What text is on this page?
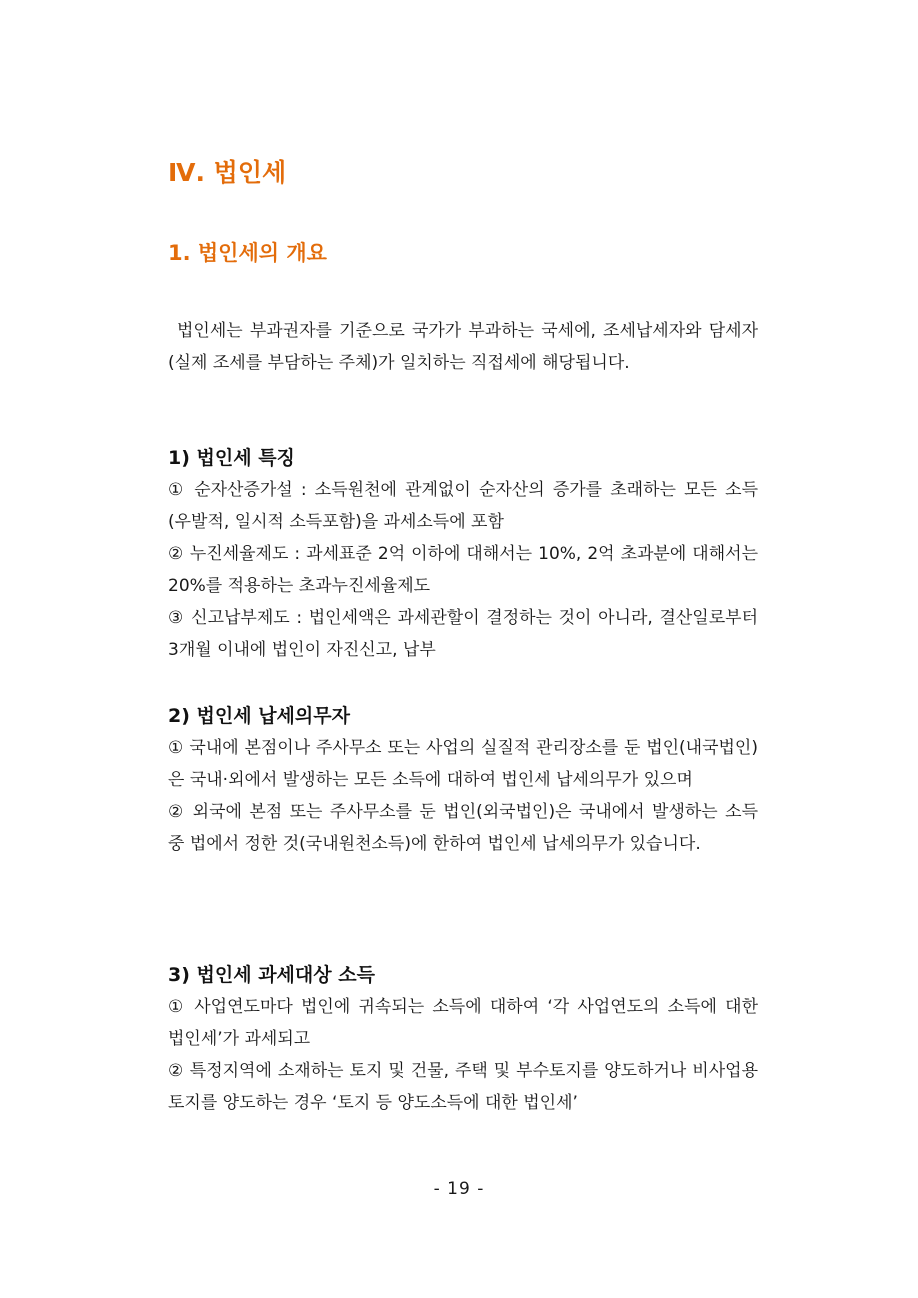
Ⅳ. 법인세
1. 법인세의 개요

법인세는 부과권자를 기준으로 국가가 부과하는 국세에, 조세납세자와 담세자(실제 조세를 부담하는 주체)가 일치하는 직접세에 해당됩니다.

1) 법인세 특징

① 순자산증가설 : 소득원천에 관계없이 순자산의 증가를 초래하는 모든 소득(우발적, 일시적 소득포함)을 과세소득에 포함

② 누진세율제도 : 과세표준 2억 이하에 대해서는 10%, 2억 초과분에 대해서는 20%를 적용하는 초과누진세율제도

③ 신고납부제도 : 법인세액은 과세관할이 결정하는 것이 아니라, 결산일로부터 3개월 이내에 법인이 자진신고, 납부

2) 법인세 납세의무자

① 국내에 본점이나 주사무소 또는 사업의 실질적 관리장소를 둔 법인(내국법인)은 국내·외에서 발생하는 모든 소득에 대하여 법인세 납세의무가 있으며

② 외국에 본점 또는 주사무소를 둔 법인(외국법인)은 국내에서 발생하는 소득 중 법에서 정한 것(국내원천소득)에 한하여 법인세 납세의무가 있습니다.

3) 법인세 과세대상 소득

① 사업연도마다 법인에 귀속되는 소득에 대하여 ‘각 사업연도의 소득에 대한 법인세’가 과세되고

② 특정지역에 소재하는 토지 및 건물, 주택 및 부수토지를 양도하거나 비사업용 토지를 양도하는 경우 ‘토지 등 양도소득에 대한 법인세’

- 19 -
